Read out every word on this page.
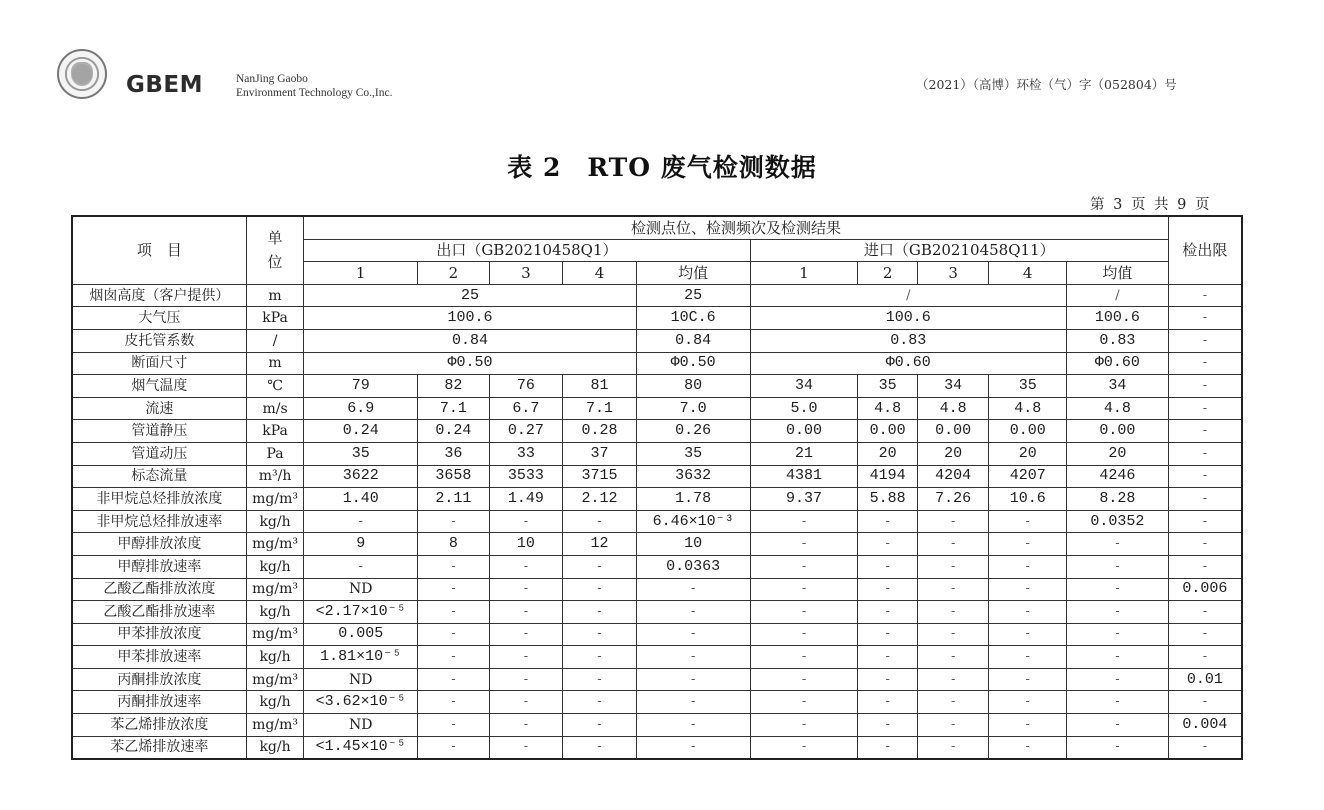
GBEM	NanJing Gaobo
Environment Technology Co.,Inc.
（2021）（高博）环检（气）字（052804）号
表 2　RTO 废气检测数据
第 3 页 共 9 页
项　目	单位	检测点位、检测频次及检测结果										检出限
		出口（GB20210458Q1）					进口（GB20210458Q11）					
		1	2	3	4	均值	1	2	3	4	均值	
烟囱高度（客户提供）	m	25				25	/				/	-
大气压	kPa	100.6				10C.6	100.6				100.6	-
皮托管系数	/	0.84				0.84	0.83				0.83	-
断面尺寸	m	Φ0.50				Φ0.50	Φ0.60				Φ0.60	-
烟气温度	℃	79	82	76	81	80	34	35	34	35	34	-
流速	m/s	6.9	7.1	6.7	7.1	7.0	5.0	4.8	4.8	4.8	4.8	-
管道静压	kPa	0.24	0.24	0.27	0.28	0.26	0.00	0.00	0.00	0.00	0.00	-
管道动压	Pa	35	36	33	37	35	21	20	20	20	20	-
标态流量	m³/h	3622	3658	3533	3715	3632	4381	4194	4204	4207	4246	-
非甲烷总烃排放浓度	mg/m³	1.40	2.11	1.49	2.12	1.78	9.37	5.88	7.26	10.6	8.28	-
非甲烷总烃排放速率	kg/h	-	-	-	-	6.46×10⁻³	-	-	-	-	0.0352	-
甲醇排放浓度	mg/m³	9	8	10	12	10	-	-	-	-	-	-
甲醇排放速率	kg/h	-	-	-	-	0.0363	-	-	-	-	-	-
乙酸乙酯排放浓度	mg/m³	ND	-	-	-	-	-	-	-	-	-	0.006
乙酸乙酯排放速率	kg/h	<2.17×10⁻⁵	-	-	-	-	-	-	-	-	-	-
甲苯排放浓度	mg/m³	0.005	-	-	-	-	-	-	-	-	-	-
甲苯排放速率	kg/h	1.81×10⁻⁵	-	-	-	-	-	-	-	-	-	-
丙酮排放浓度	mg/m³	ND	-	-	-	-	-	-	-	-	-	0.01
丙酮排放速率	kg/h	<3.62×10⁻⁵	-	-	-	-	-	-	-	-	-	-
苯乙烯排放浓度	mg/m³	ND	-	-	-	-	-	-	-	-	-	0.004
苯乙烯排放速率	kg/h	<1.45×10⁻⁵	-	-	-	-	-	-	-	-	-	-
